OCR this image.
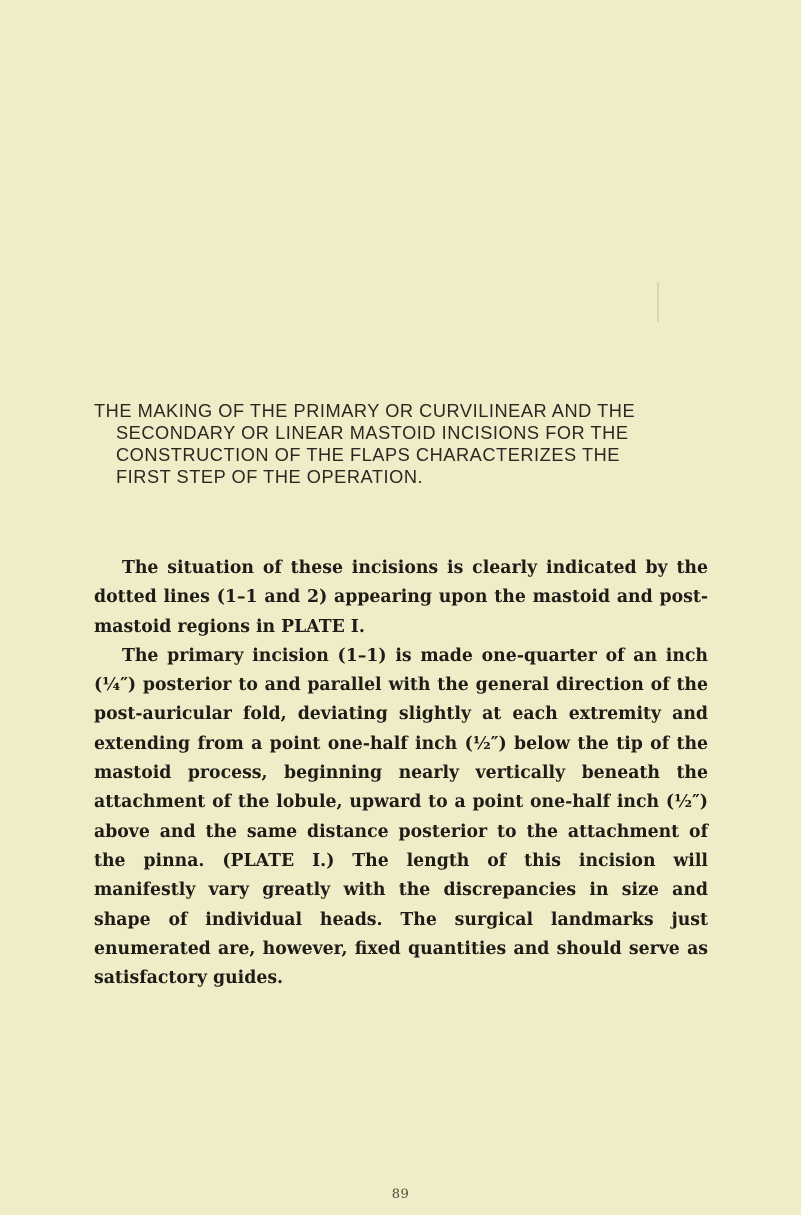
THE MAKING OF THE PRIMARY OR CURVILINEAR AND THE
SECONDARY OR LINEAR MASTOID INCISIONS FOR THE
CONSTRUCTION OF THE FLAPS CHARACTERIZES THE
FIRST STEP OF THE OPERATION.

The situation of these incisions is clearly indicated by the dotted lines (1–1 and 2) appearing upon the mastoid and post-mastoid regions in PLATE I.

The primary incision (1–1) is made one-quarter of an inch (¼″) posterior to and parallel with the general direction of the post-auricular fold, deviating slightly at each extremity and extending from a point one-half inch (½″) below the tip of the mastoid process, beginning nearly vertically beneath the attachment of the lobule, upward to a point one-half inch (½″) above and the same distance posterior to the attachment of the pinna. (PLATE I.) The length of this incision will manifestly vary greatly with the discrepancies in size and shape of individual heads. The surgical landmarks just enumerated are, however, fixed quantities and should serve as satisfactory guides.

89
